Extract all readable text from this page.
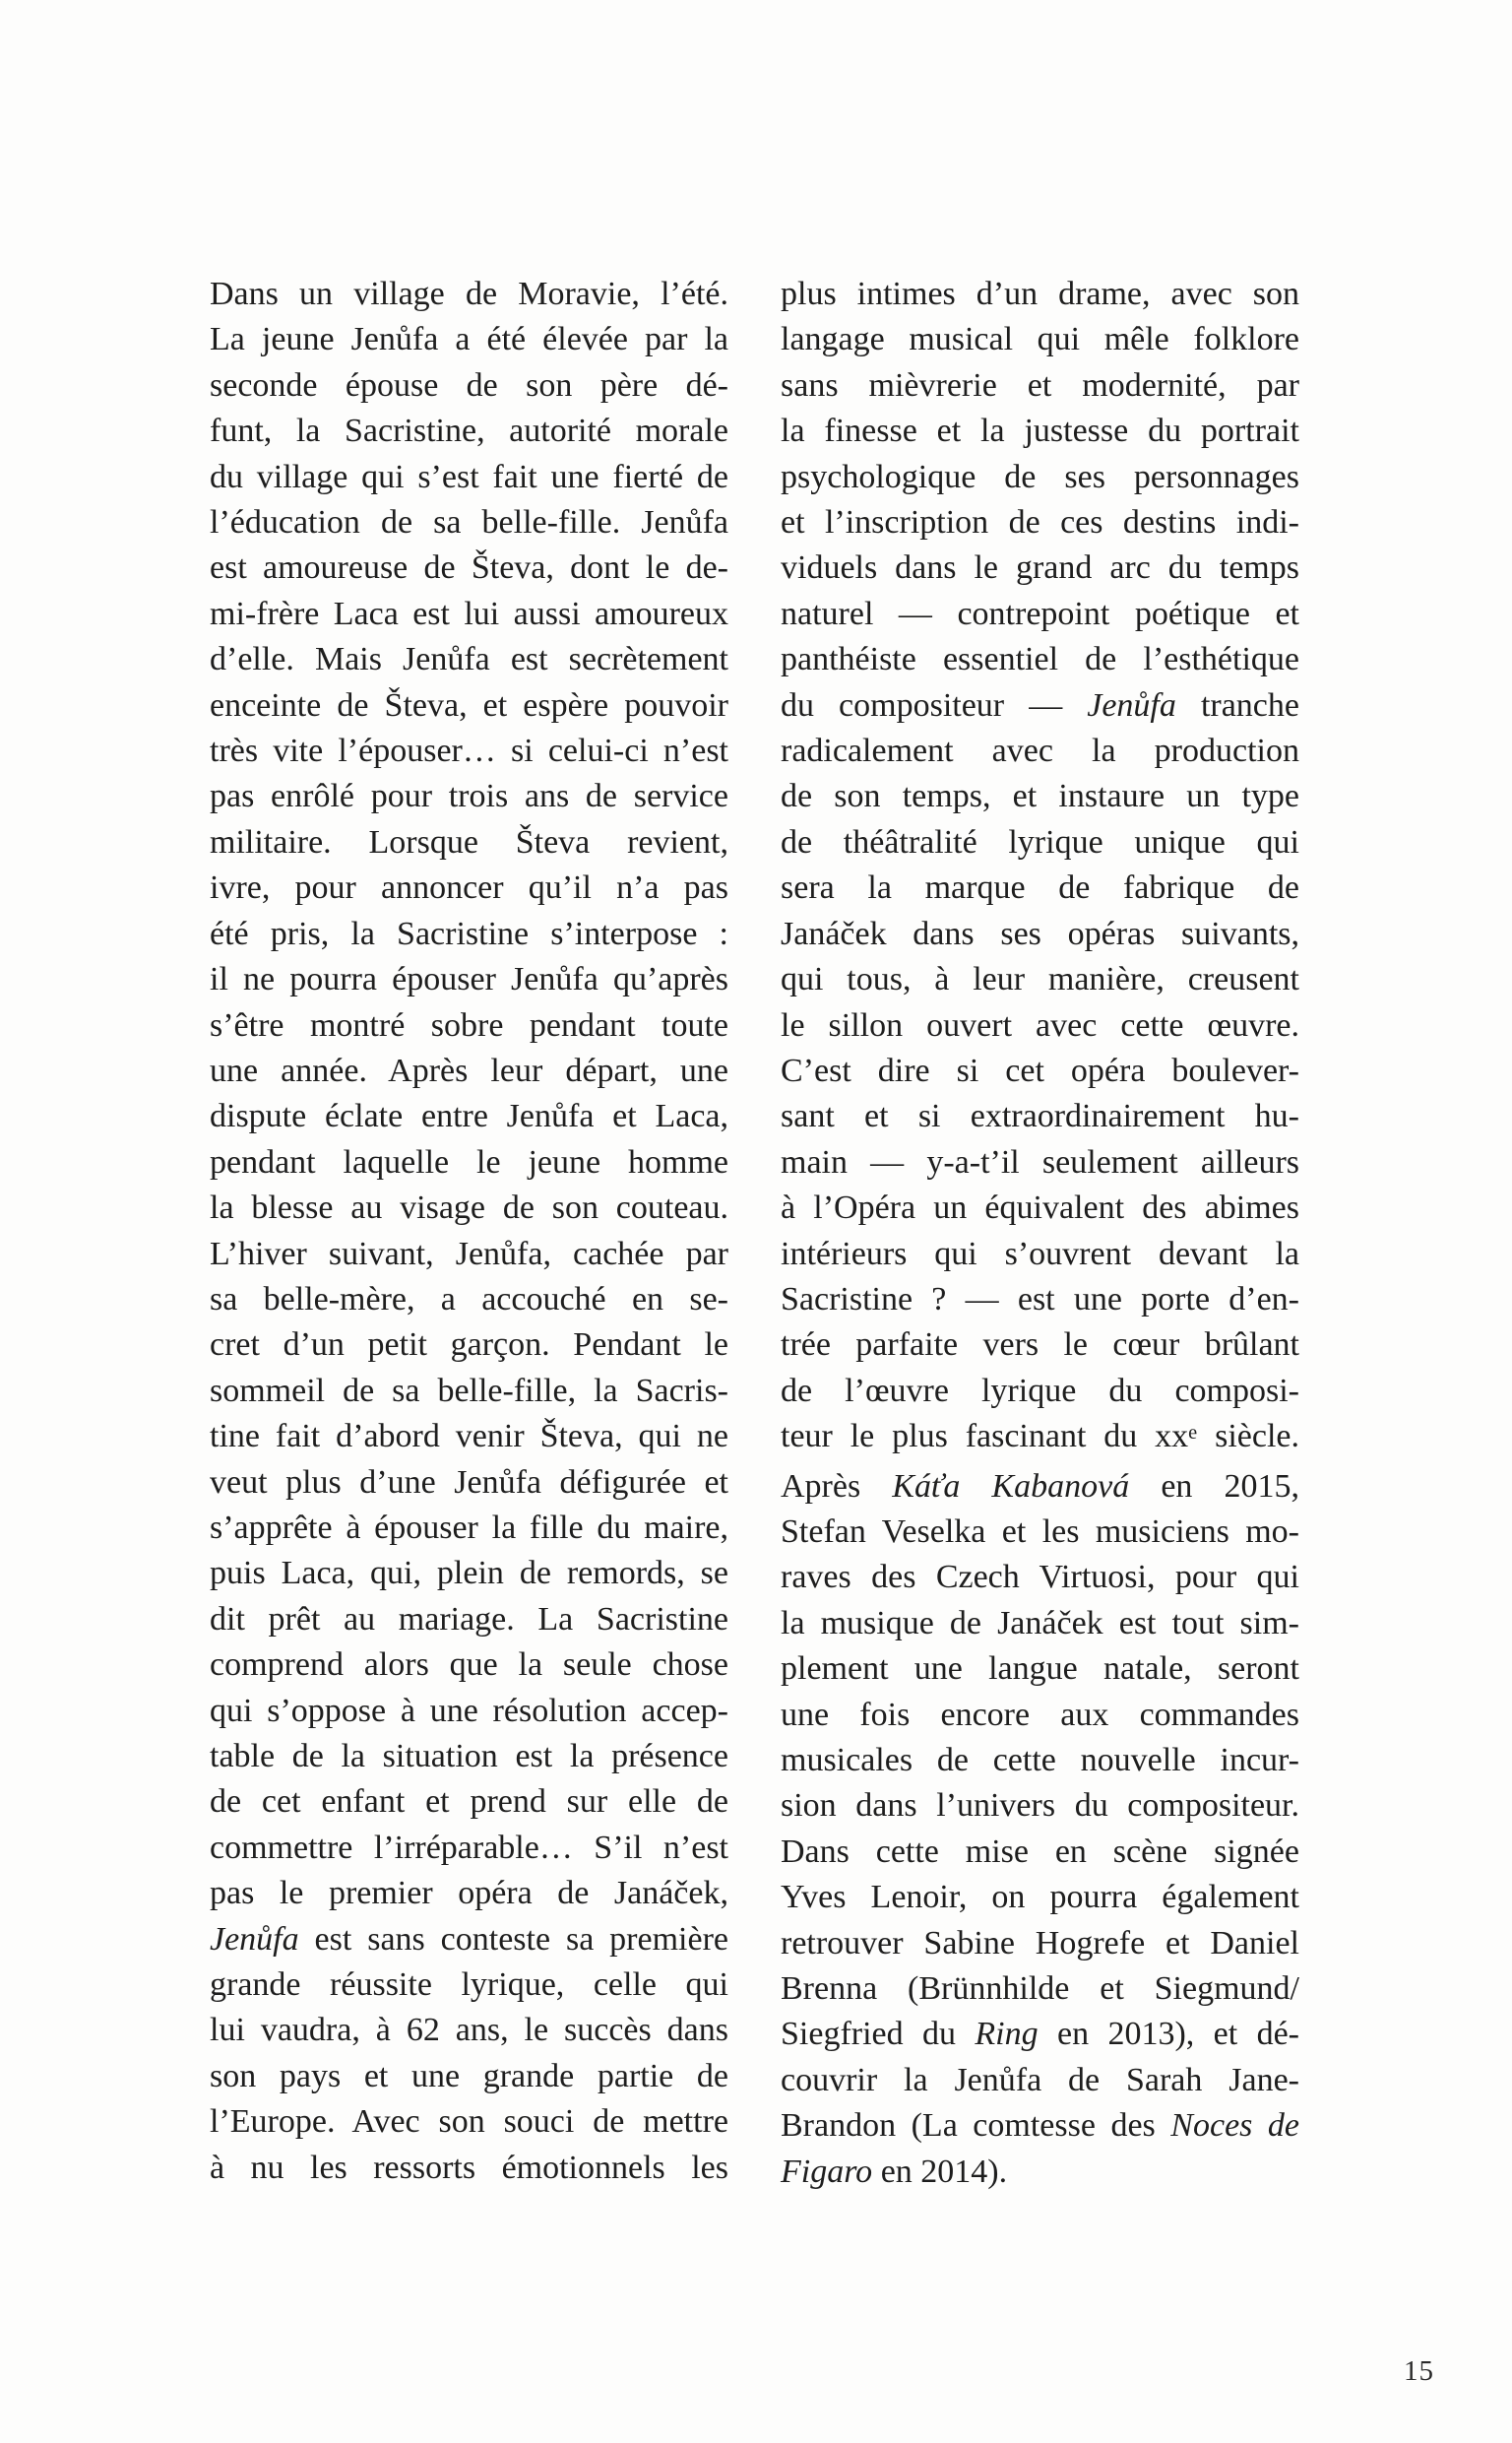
Dans un village de Moravie, l’été.
La jeune Jenůfa a été élevée par la
seconde épouse de son père dé-
funt, la Sacristine, autorité morale
du village qui s’est fait une fierté de
l’éducation de sa belle-fille. Jenůfa
est amoureuse de Števa, dont le de-
mi-frère Laca est lui aussi amoureux
d’elle. Mais Jenůfa est secrètement
enceinte de Števa, et espère pouvoir
très vite l’épouser… si celui-ci n’est
pas enrôlé pour trois ans de service
militaire. Lorsque Števa revient,
ivre, pour annoncer qu’il n’a pas
été pris, la Sacristine s’interpose :
il ne pourra épouser Jenůfa qu’après
s’être montré sobre pendant toute
une année. Après leur départ, une
dispute éclate entre Jenůfa et Laca,
pendant laquelle le jeune homme
la blesse au visage de son couteau.
L’hiver suivant, Jenůfa, cachée par
sa belle-mère, a accouché en se-
cret d’un petit garçon. Pendant le
sommeil de sa belle-fille, la Sacris-
tine fait d’abord venir Števa, qui ne
veut plus d’une Jenůfa défigurée et
s’apprête à épouser la fille du maire,
puis Laca, qui, plein de remords, se
dit prêt au mariage. La Sacristine
comprend alors que la seule chose
qui s’oppose à une résolution accep-
table de la situation est la présence
de cet enfant et prend sur elle de
commettre l’irréparable… S’il n’est
pas le premier opéra de Janáček,
Jenůfa est sans conteste sa première
grande réussite lyrique, celle qui
lui vaudra, à 62 ans, le succès dans
son pays et une grande partie de
l’Europe. Avec son souci de mettre
à nu les ressorts émotionnels les
plus intimes d’un drame, avec son
langage musical qui mêle folklore
sans mièvrerie et modernité, par
la finesse et la justesse du portrait
psychologique de ses personnages
et l’inscription de ces destins indi-
viduels dans le grand arc du temps
naturel — contrepoint poétique et
panthéiste essentiel de l’esthétique
du compositeur — Jenůfa tranche
radicalement avec la production
de son temps, et instaure un type
de théâtralité lyrique unique qui
sera la marque de fabrique de
Janáček dans ses opéras suivants,
qui tous, à leur manière, creusent
le sillon ouvert avec cette œuvre.
C’est dire si cet opéra boulever-
sant et si extraordinairement hu-
main — y-a-t’il seulement ailleurs
à l’Opéra un équivalent des abimes
intérieurs qui s’ouvrent devant la
Sacristine ? — est une porte d’en-
trée parfaite vers le cœur brûlant
de l’œuvre lyrique du composi-
teur le plus fascinant du $xx^e$ siècle.
Après Káťa Kabanová en 2015,
Stefan Veselka et les musiciens mo-
raves des Czech Virtuosi, pour qui
la musique de Janáček est tout sim-
plement une langue natale, seront
une fois encore aux commandes
musicales de cette nouvelle incur-
sion dans l’univers du compositeur.
Dans cette mise en scène signée
Yves Lenoir, on pourra également
retrouver Sabine Hogrefe et Daniel
Brenna (Brünnhilde et Siegmund/
Siegfried du Ring en 2013), et dé-
couvrir la Jenůfa de Sarah Jane-
Brandon (La comtesse des Noces de
Figaro en 2014).
15
